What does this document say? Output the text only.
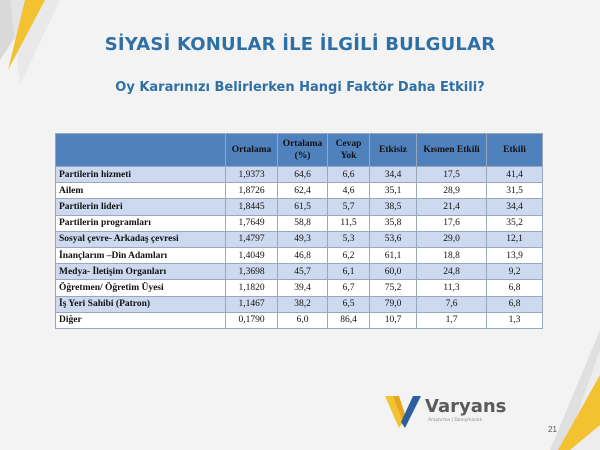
SİYASİ KONULAR İLE İLGİLİ BULGULAR
Oy Kararınızı Belirlerken Hangi Faktör Daha Etkili?
	Ortalama	Ortalama (%)	Cevap Yok	Etkisiz	Kısmen Etkili	Etkili
Partilerin hizmeti	1,9373	64,6	6,6	34,4	17,5	41,4
Ailem	1,8726	62,4	4,6	35,1	28,9	31,5
Partilerin lideri	1,8445	61,5	5,7	38,5	21,4	34,4
Partilerin programları	1,7649	58,8	11,5	35,8	17,6	35,2
Sosyal çevre- Arkadaş çevresi	1,4797	49,3	5,3	53,6	29,0	12,1
İnançlarım –Din Adamları	1,4049	46,8	6,2	61,1	18,8	13,9
Medya- İletişim Organları	1,3698	45,7	6,1	60,0	24,8	9,2
Öğretmen/ Öğretim Üyesi	1,1820	39,4	6,7	75,2	11,3	6,8
İş Yeri Sahibi (Patron)	1,1467	38,2	6,5	79,0	7,6	6,8
Diğer	0,1790	6,0	86,4	10,7	1,7	1,3
Varyans
Araştırma | Danışmanlık
21
